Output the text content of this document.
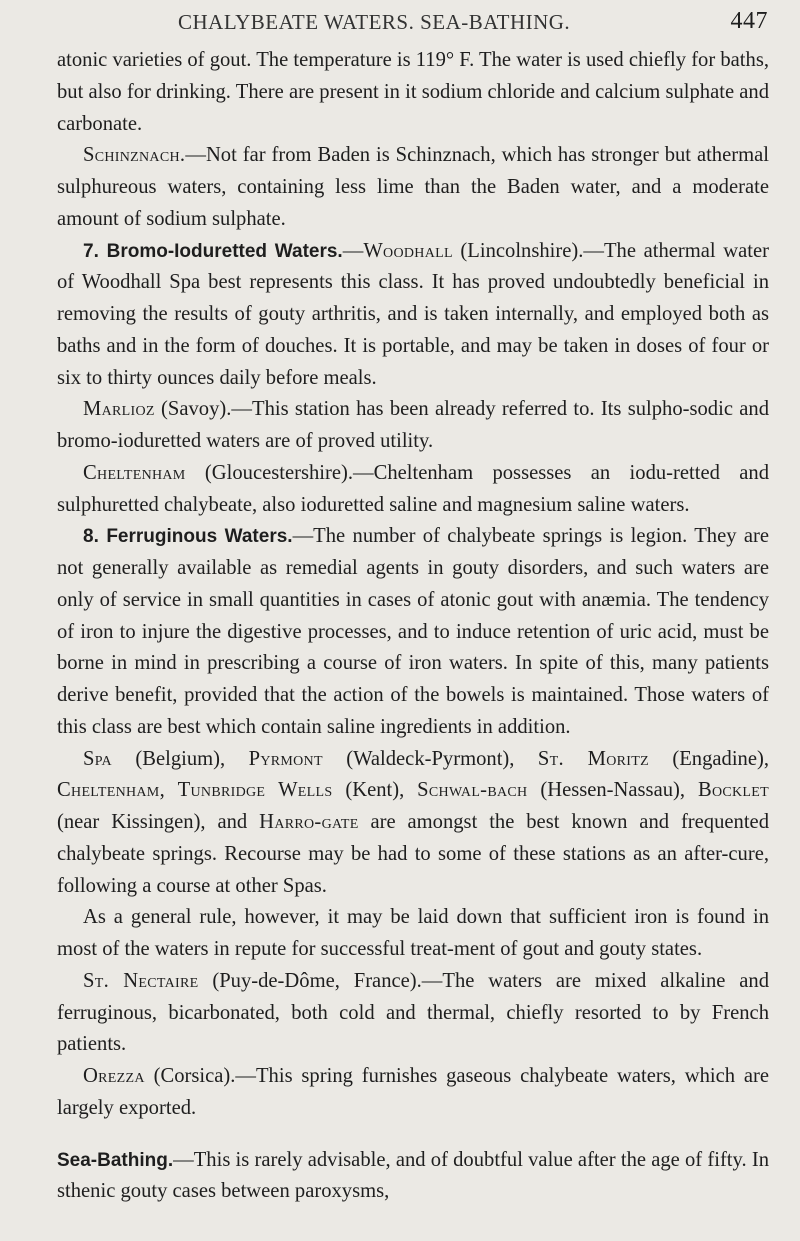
CHALYBEATE WATERS. SEA-BATHING.	447

atonic varieties of gout. The temperature is 119° F. The water is used chiefly for baths, but also for drinking. There are present in it sodium chloride and calcium sulphate and carbonate.

Schinznach.—Not far from Baden is Schinznach, which has stronger but athermal sulphureous waters, containing less lime than the Baden water, and a moderate amount of sodium sulphate.

7. Bromo-Ioduretted Waters.—Woodhall (Lincolnshire).—The athermal water of Woodhall Spa best represents this class. It has proved undoubtedly beneficial in removing the results of gouty arthritis, and is taken internally, and employed both as baths and in the form of douches. It is portable, and may be taken in doses of four or six to thirty ounces daily before meals.

Marlioz (Savoy).—This station has been already referred to. Its sulpho-sodic and bromo-ioduretted waters are of proved utility.

Cheltenham (Gloucestershire).—Cheltenham possesses an iodu-retted and sulphuretted chalybeate, also ioduretted saline and magnesium saline waters.

8. Ferruginous Waters.—The number of chalybeate springs is legion. They are not generally available as remedial agents in gouty disorders, and such waters are only of service in small quantities in cases of atonic gout with anæmia. The tendency of iron to injure the digestive processes, and to induce retention of uric acid, must be borne in mind in prescribing a course of iron waters. In spite of this, many patients derive benefit, provided that the action of the bowels is maintained. Those waters of this class are best which contain saline ingredients in addition.

Spa (Belgium), Pyrmont (Waldeck-Pyrmont), St. Moritz (Engadine), Cheltenham, Tunbridge Wells (Kent), Schwal-bach (Hessen-Nassau), Bocklet (near Kissingen), and Harro-gate are amongst the best known and frequented chalybeate springs. Recourse may be had to some of these stations as an after-cure, following a course at other Spas.

As a general rule, however, it may be laid down that sufficient iron is found in most of the waters in repute for successful treat-ment of gout and gouty states.

St. Nectaire (Puy-de-Dôme, France).—The waters are mixed alkaline and ferruginous, bicarbonated, both cold and thermal, chiefly resorted to by French patients.

Orezza (Corsica).—This spring furnishes gaseous chalybeate waters, which are largely exported.

Sea-Bathing.—This is rarely advisable, and of doubtful value after the age of fifty. In sthenic gouty cases between paroxysms,
